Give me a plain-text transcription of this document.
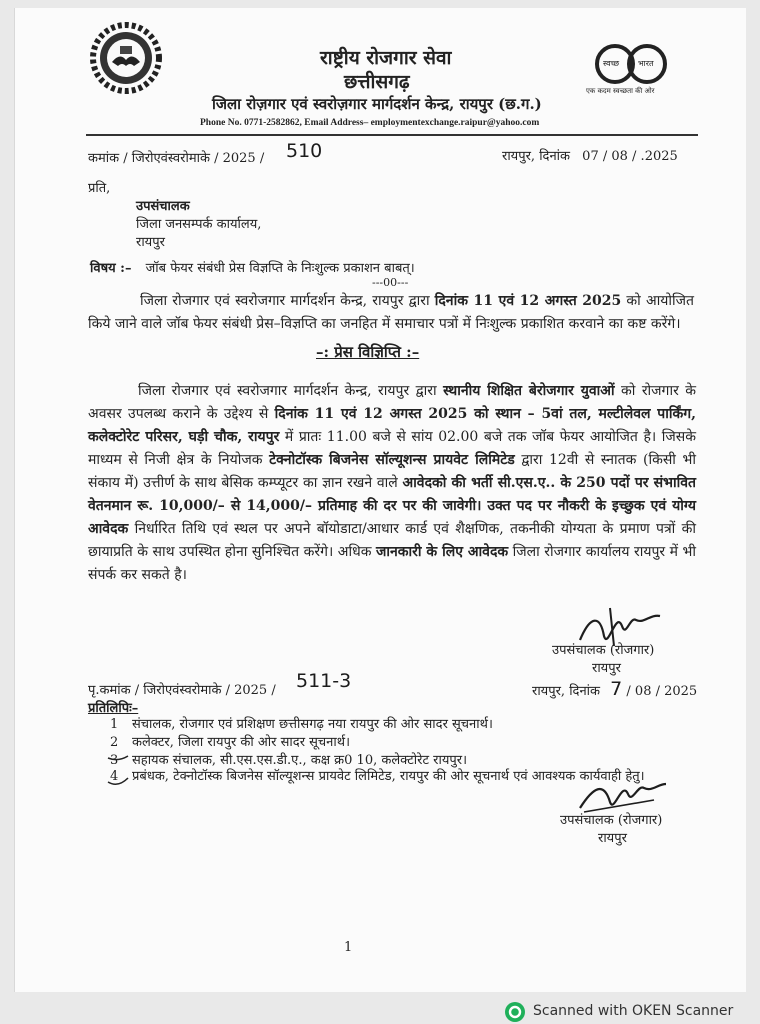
राष्ट्रीय रोजगार सेवा
छत्तीसगढ़
जिला रोज़गार एवं स्वरोज़गार मार्गदर्शन केन्द्र, रायपुर (छ.ग.)
Phone No. 0771-2582862, Email Address– employmentexchange.raipur@yahoo.com
स्वच्छ भारत
एक कदम स्वच्छता की ओर
कमांक / जिरोएवंस्वरोमाके / 2025 / 510	रायपुर, दिनांक 07 / 08 / .2025
प्रति,
उपसंचालक
जिला जनसम्पर्क कार्यालय,
रायपुर
विषय :– जॉब फेयर संबंधी प्रेस विज्ञप्ति के निःशुल्क प्रकाशन बाबत्।
---00---
जिला रोजगार एवं स्वरोजगार मार्गदर्शन केन्द्र, रायपुर द्वारा दिनांक 11 एवं 12 अगस्त 2025 को आयोजित किये जाने वाले जॉब फेयर संबंधी प्रेस–विज्ञप्ति का जनहित में समाचार पत्रों में निःशुल्क प्रकाशित करवाने का कष्ट करेंगे।
–: प्रेस विज्ञिप्ति :–
जिला रोजगार एवं स्वरोजगार मार्गदर्शन केन्द्र, रायपुर द्वारा स्थानीय शिक्षित बेरोजगार युवाओं को रोजगार के अवसर उपलब्ध कराने के उद्देश्य से दिनांक 11 एवं 12 अगस्त 2025 को स्थान – 5वां तल, मल्टीलेवल पार्किंग, कलेक्टोरेट परिसर, घड़ी चौक, रायपुर में प्रातः 11.00 बजे से सांय 02.00 बजे तक जॉब फेयर आयोजित है। जिसके माध्यम से निजी क्षेत्र के नियोजक टेक्नोटॉस्क बिजनेस सॉल्यूशन्स प्रायवेट लिमिटेड द्वारा 12वी से स्नातक (किसी भी संकाय में) उत्तीर्ण के साथ बेसिक कम्प्यूटर का ज्ञान रखने वाले आवेदको की भर्ती सी.एस.ए.. के 250 पदों पर संभावित वेतनमान रू. 10,000/– से 14,000/– प्रतिमाह की दर पर की जावेगी। उक्त पद पर नौकरी के इच्छुक एवं योग्य आवेदक निर्धारित तिथि एवं स्थल पर अपने बॉयोडाटा/आधार कार्ड एवं शैक्षणिक, तकनीकी योग्यता के प्रमाण पत्रों की छायाप्रति के साथ उपस्थित होना सुनिश्चित करेंगे। अधिक जानकारी के लिए आवेदक जिला रोजगार कार्यालय रायपुर में भी संपर्क कर सकते है।
उपसंचालक (रोजगार)
रायपुर
पृ.कमांक / जिरोएवंस्वरोमाके / 2025 / 511-3	रायपुर, दिनांक 7 / 08 / 2025
प्रतिलिपिः–
1 संचालक, रोजगार एवं प्रशिक्षण छत्तीसगढ़ नया रायपुर की ओर सादर सूचनार्थ।
2 कलेक्टर, जिला रायपुर की ओर सादर सूचनार्थ।
3 सहायक संचालक, सी.एस.एस.डी.ए., कक्ष क्र0 10, कलेक्टोरेट रायपुर।
4 प्रबंधक, टेक्नोटॉस्क बिजनेस सॉल्यूशन्स प्रायवेट लिमिटेड, रायपुर की ओर सूचनार्थ एवं आवश्यक कार्यवाही हेतु।
उपसंचालक (रोजगार)
रायपुर
1
Scanned with OKEN Scanner
